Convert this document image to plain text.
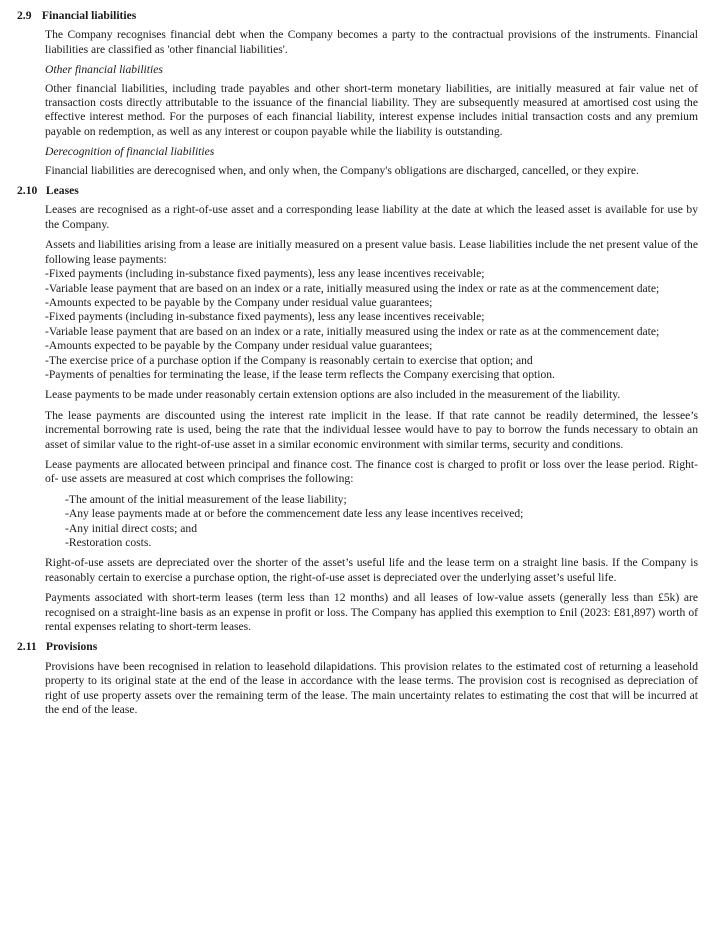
2.9 Financial liabilities

The Company recognises financial debt when the Company becomes a party to the contractual provisions of the instruments. Financial liabilities are classified as 'other financial liabilities'.

Other financial liabilities

Other financial liabilities, including trade payables and other short-term monetary liabilities, are initially measured at fair value net of transaction costs directly attributable to the issuance of the financial liability. They are subsequently measured at amortised cost using the effective interest method. For the purposes of each financial liability, interest expense includes initial transaction costs and any premium payable on redemption, as well as any interest or coupon payable while the liability is outstanding.

Derecognition of financial liabilities

Financial liabilities are derecognised when, and only when, the Company's obligations are discharged, cancelled, or they expire.

2.10 Leases

Leases are recognised as a right-of-use asset and a corresponding lease liability at the date at which the leased asset is available for use by the Company.

Assets and liabilities arising from a lease are initially measured on a present value basis. Lease liabilities include the net present value of the following lease payments:

-Fixed payments (including in-substance fixed payments), less any lease incentives receivable;
-Variable lease payment that are based on an index or a rate, initially measured using the index or rate as at the commencement date;
-Amounts expected to be payable by the Company under residual value guarantees;
-Fixed payments (including in-substance fixed payments), less any lease incentives receivable;
-Variable lease payment that are based on an index or a rate, initially measured using the index or rate as at the commencement date;
-Amounts expected to be payable by the Company under residual value guarantees;
-The exercise price of a purchase option if the Company is reasonably certain to exercise that option; and
-Payments of penalties for terminating the lease, if the lease term reflects the Company exercising that option.

Lease payments to be made under reasonably certain extension options are also included in the measurement of the liability.

The lease payments are discounted using the interest rate implicit in the lease. If that rate cannot be readily determined, the lessee’s incremental borrowing rate is used, being the rate that the individual lessee would have to pay to borrow the funds necessary to obtain an asset of similar value to the right-of-use asset in a similar economic environment with similar terms, security and conditions.

Lease payments are allocated between principal and finance cost. The finance cost is charged to profit or loss over the lease period. Right-of- use assets are measured at cost which comprises the following:

-The amount of the initial measurement of the lease liability;
-Any lease payments made at or before the commencement date less any lease incentives received;
-Any initial direct costs; and
-Restoration costs.

Right-of-use assets are depreciated over the shorter of the asset’s useful life and the lease term on a straight line basis. If the Company is reasonably certain to exercise a purchase option, the right-of-use asset is depreciated over the underlying asset’s useful life.

Payments associated with short-term leases (term less than 12 months) and all leases of low-value assets (generally less than £5k) are recognised on a straight-line basis as an expense in profit or loss. The Company has applied this exemption to £nil (2023: £81,897) worth of rental expenses relating to short-term leases.

2.11 Provisions

Provisions have been recognised in relation to leasehold dilapidations. This provision relates to the estimated cost of returning a leasehold property to its original state at the end of the lease in accordance with the lease terms. The provision cost is recognised as depreciation of right of use property assets over the remaining term of the lease. The main uncertainty relates to estimating the cost that will be incurred at the end of the lease.
